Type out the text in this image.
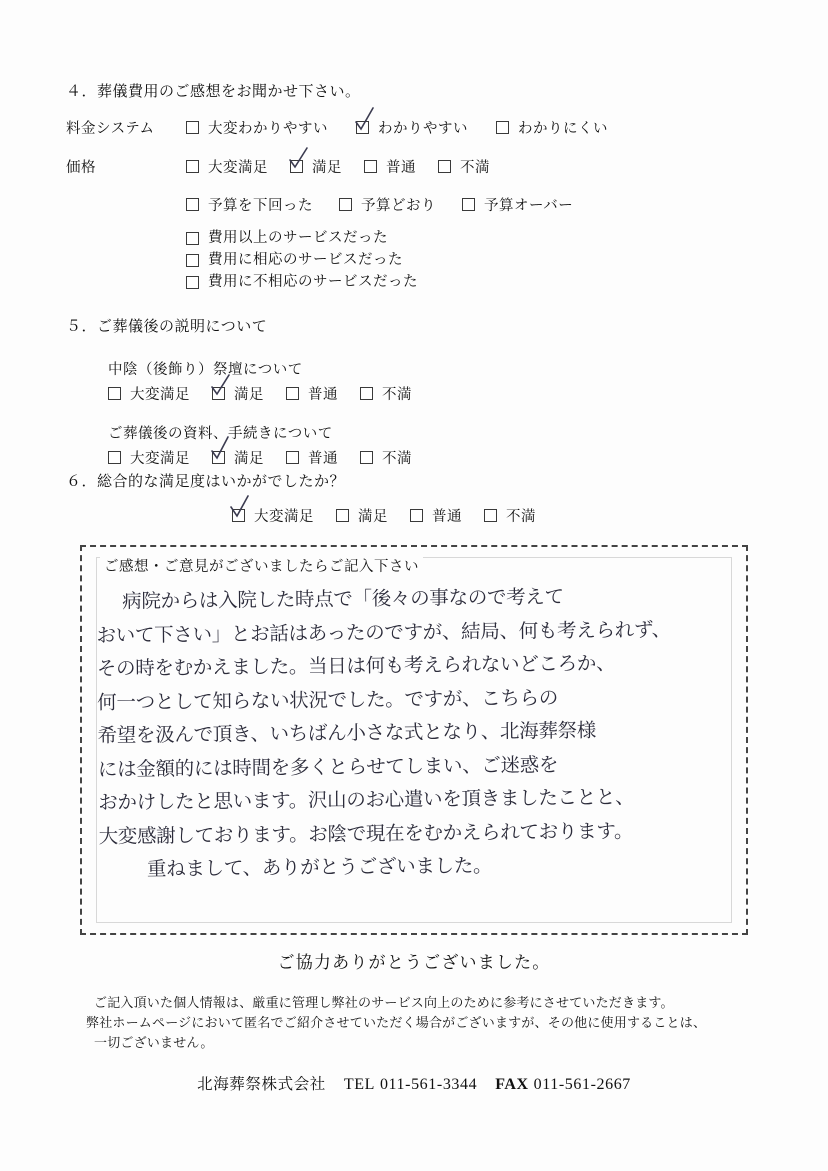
４．葬儀費用のご感想をお聞かせ下さい。
料金システム	大変わかりやすい	わかりやすい	わかりにくい
価格	大変満足	満足	普通	不満
予算を下回った	予算どおり	予算オーバー
費用以上のサービスだった
費用に相応のサービスだった
費用に不相応のサービスだった
５．ご葬儀後の説明について
中陰（後飾り）祭壇について
大変満足	満足	普通	不満
ご葬儀後の資料、手続きについて
大変満足	満足	普通	不満
６．総合的な満足度はいかがでしたか？
大変満足	満足	普通	不満
ご感想・ご意見がございましたらご記入下さい
病院からは入院した時点で「後々の事なので考えて
おいて下さい」とお話はあったのですが、結局、何も考えられず、
その時をむかえました。当日は何も考えられないどころか、
何一つとして知らない状況でした。ですが、こちらの
希望を汲んで頂き、いちばん小さな式となり、北海葬祭様
には金額的には時間を多くとらせてしまい、ご迷惑を
おかけしたと思います。沢山のお心遣いを頂きましたことと、
大変感謝しております。お陰で現在をむかえられております。
重ねまして、ありがとうございました。
ご協力ありがとうございました。
ご記入頂いた個人情報は、厳重に管理し弊社のサービス向上のために参考にさせていただきます。
弊社ホームページにおいて匿名でご紹介させていただく場合がございますが、その他に使用することは、
一切ございません。
北海葬祭株式会社 TEL 011-561-3344 FAX 011-561-2667
